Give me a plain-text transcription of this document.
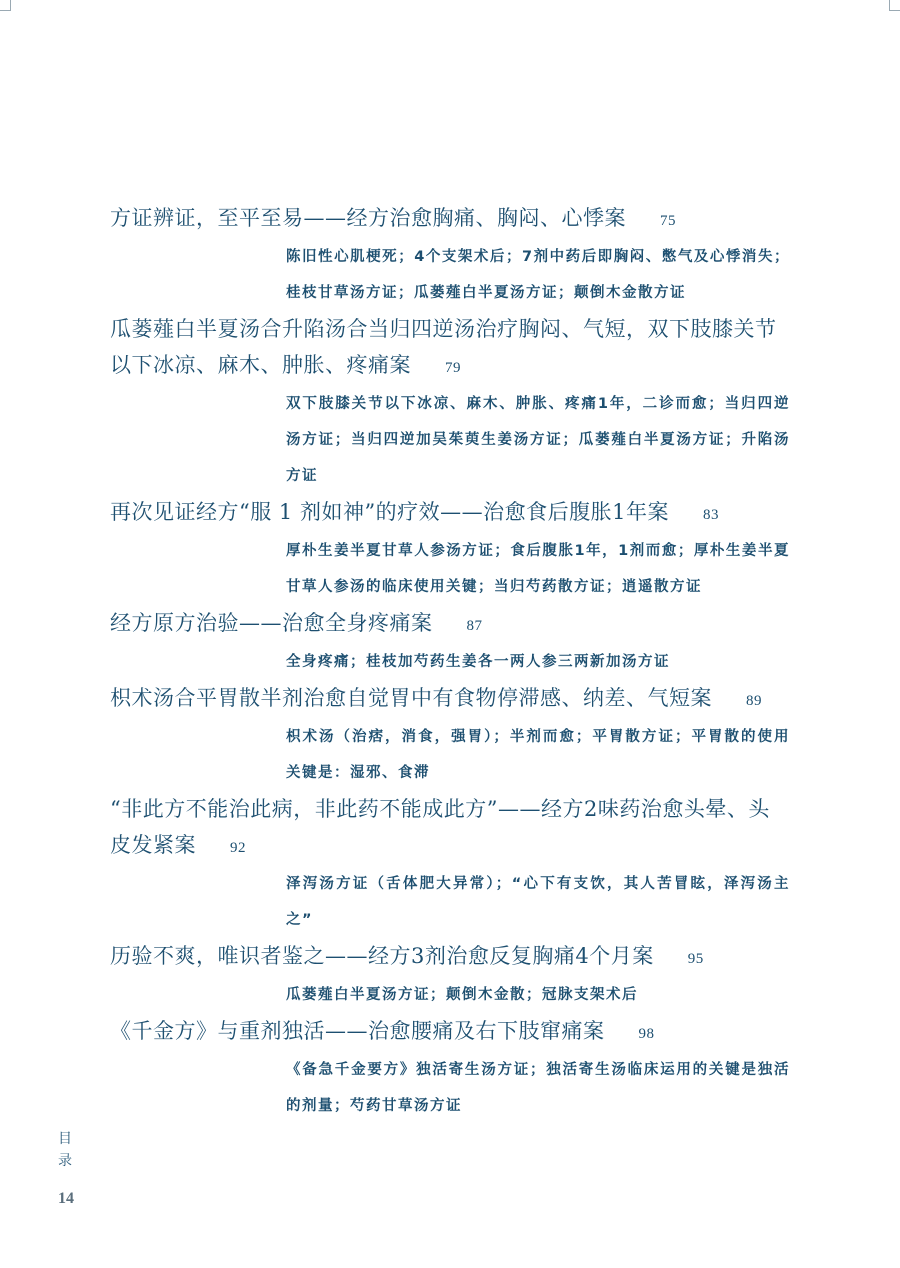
方证辨证，至平至易——经方治愈胸痛、胸闷、心悸案 75
陈旧性心肌梗死；4个支架术后；7剂中药后即胸闷、憋气及心悸消失；桂枝甘草汤方证；瓜蒌薤白半夏汤方证；颠倒木金散方证
瓜蒌薤白半夏汤合升陷汤合当归四逆汤治疗胸闷、气短，双下肢膝关节以下冰凉、麻木、肿胀、疼痛案 79
双下肢膝关节以下冰凉、麻木、肿胀、疼痛1年，二诊而愈；当归四逆汤方证；当归四逆加吴茱萸生姜汤方证；瓜蒌薤白半夏汤方证；升陷汤方证
再次见证经方“服 1 剂如神”的疗效——治愈食后腹胀1年案 83
厚朴生姜半夏甘草人参汤方证；食后腹胀1年，1剂而愈；厚朴生姜半夏甘草人参汤的临床使用关键；当归芍药散方证；逍遥散方证
经方原方治验——治愈全身疼痛案 87
全身疼痛；桂枝加芍药生姜各一两人参三两新加汤方证
枳术汤合平胃散半剂治愈自觉胃中有食物停滞感、纳差、气短案 89
枳术汤（治痞，消食，强胃）；半剂而愈；平胃散方证；平胃散的使用关键是：湿邪、食滞
“非此方不能治此病，非此药不能成此方”——经方2味药治愈头晕、头皮发紧案 92
泽泻汤方证（舌体肥大异常）；“心下有支饮，其人苦冒眩，泽泻汤主之”
历验不爽，唯识者鉴之——经方3剂治愈反复胸痛4个月案 95
瓜蒌薤白半夏汤方证；颠倒木金散；冠脉支架术后
《千金方》与重剂独活——治愈腰痛及右下肢窜痛案 98
《备急千金要方》独活寄生汤方证；独活寄生汤临床运用的关键是独活的剂量；芍药甘草汤方证
目录
14
